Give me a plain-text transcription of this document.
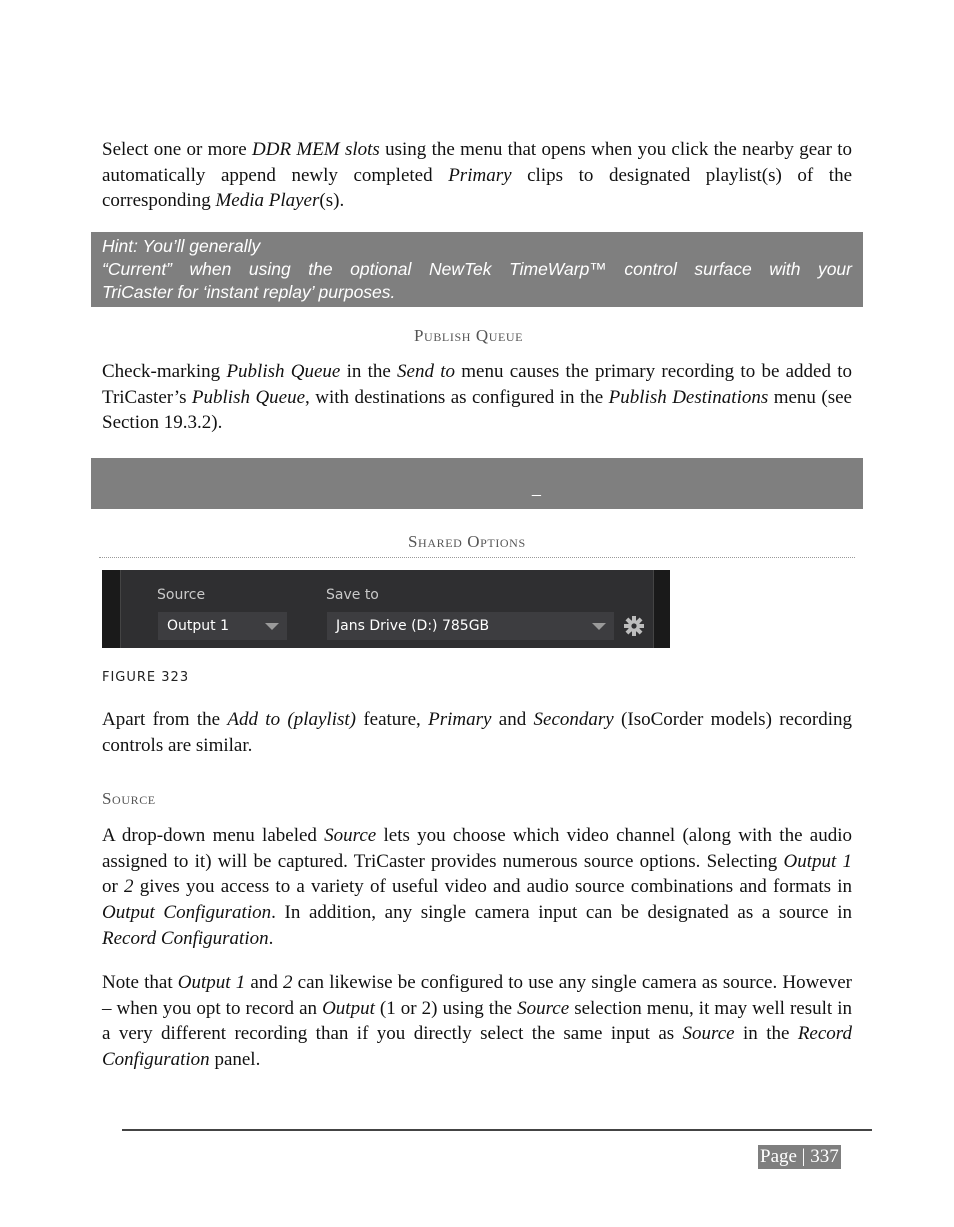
Select one or more DDR MEM slots using the menu that opens when you click the nearby gear to automatically append newly completed Primary clips to designated playlist(s) of the corresponding Media Player(s).

Hint: You’ll generally
“Current” when using the optional NewTek TimeWarp™ control surface with your
TriCaster for ‘instant replay’ purposes.
Publish Queue

Check-marking Publish Queue in the Send to menu causes the primary recording to be added to TriCaster’s Publish Queue, with destinations as configured in the Publish Destinations menu (see Section 19.3.2).

_
Shared Options
Source
Output 1
Save to
Jans Drive (D:) 785GB
FIGURE 323

Apart from the Add to (playlist) feature, Primary and Secondary (IsoCorder models) recording controls are similar.

Source

A drop-down menu labeled Source lets you choose which video channel (along with the audio assigned to it) will be captured. TriCaster provides numerous source options. Selecting Output 1 or 2 gives you access to a variety of useful video and audio source combinations and formats in Output Configuration. In addition, any single camera input can be designated as a source in Record Configuration.

Note that Output 1 and 2 can likewise be configured to use any single camera as source. However – when you opt to record an Output (1 or 2) using the Source selection menu, it may well result in a very different recording than if you directly select the same input as Source in the Record Configuration panel.

Page | 337
